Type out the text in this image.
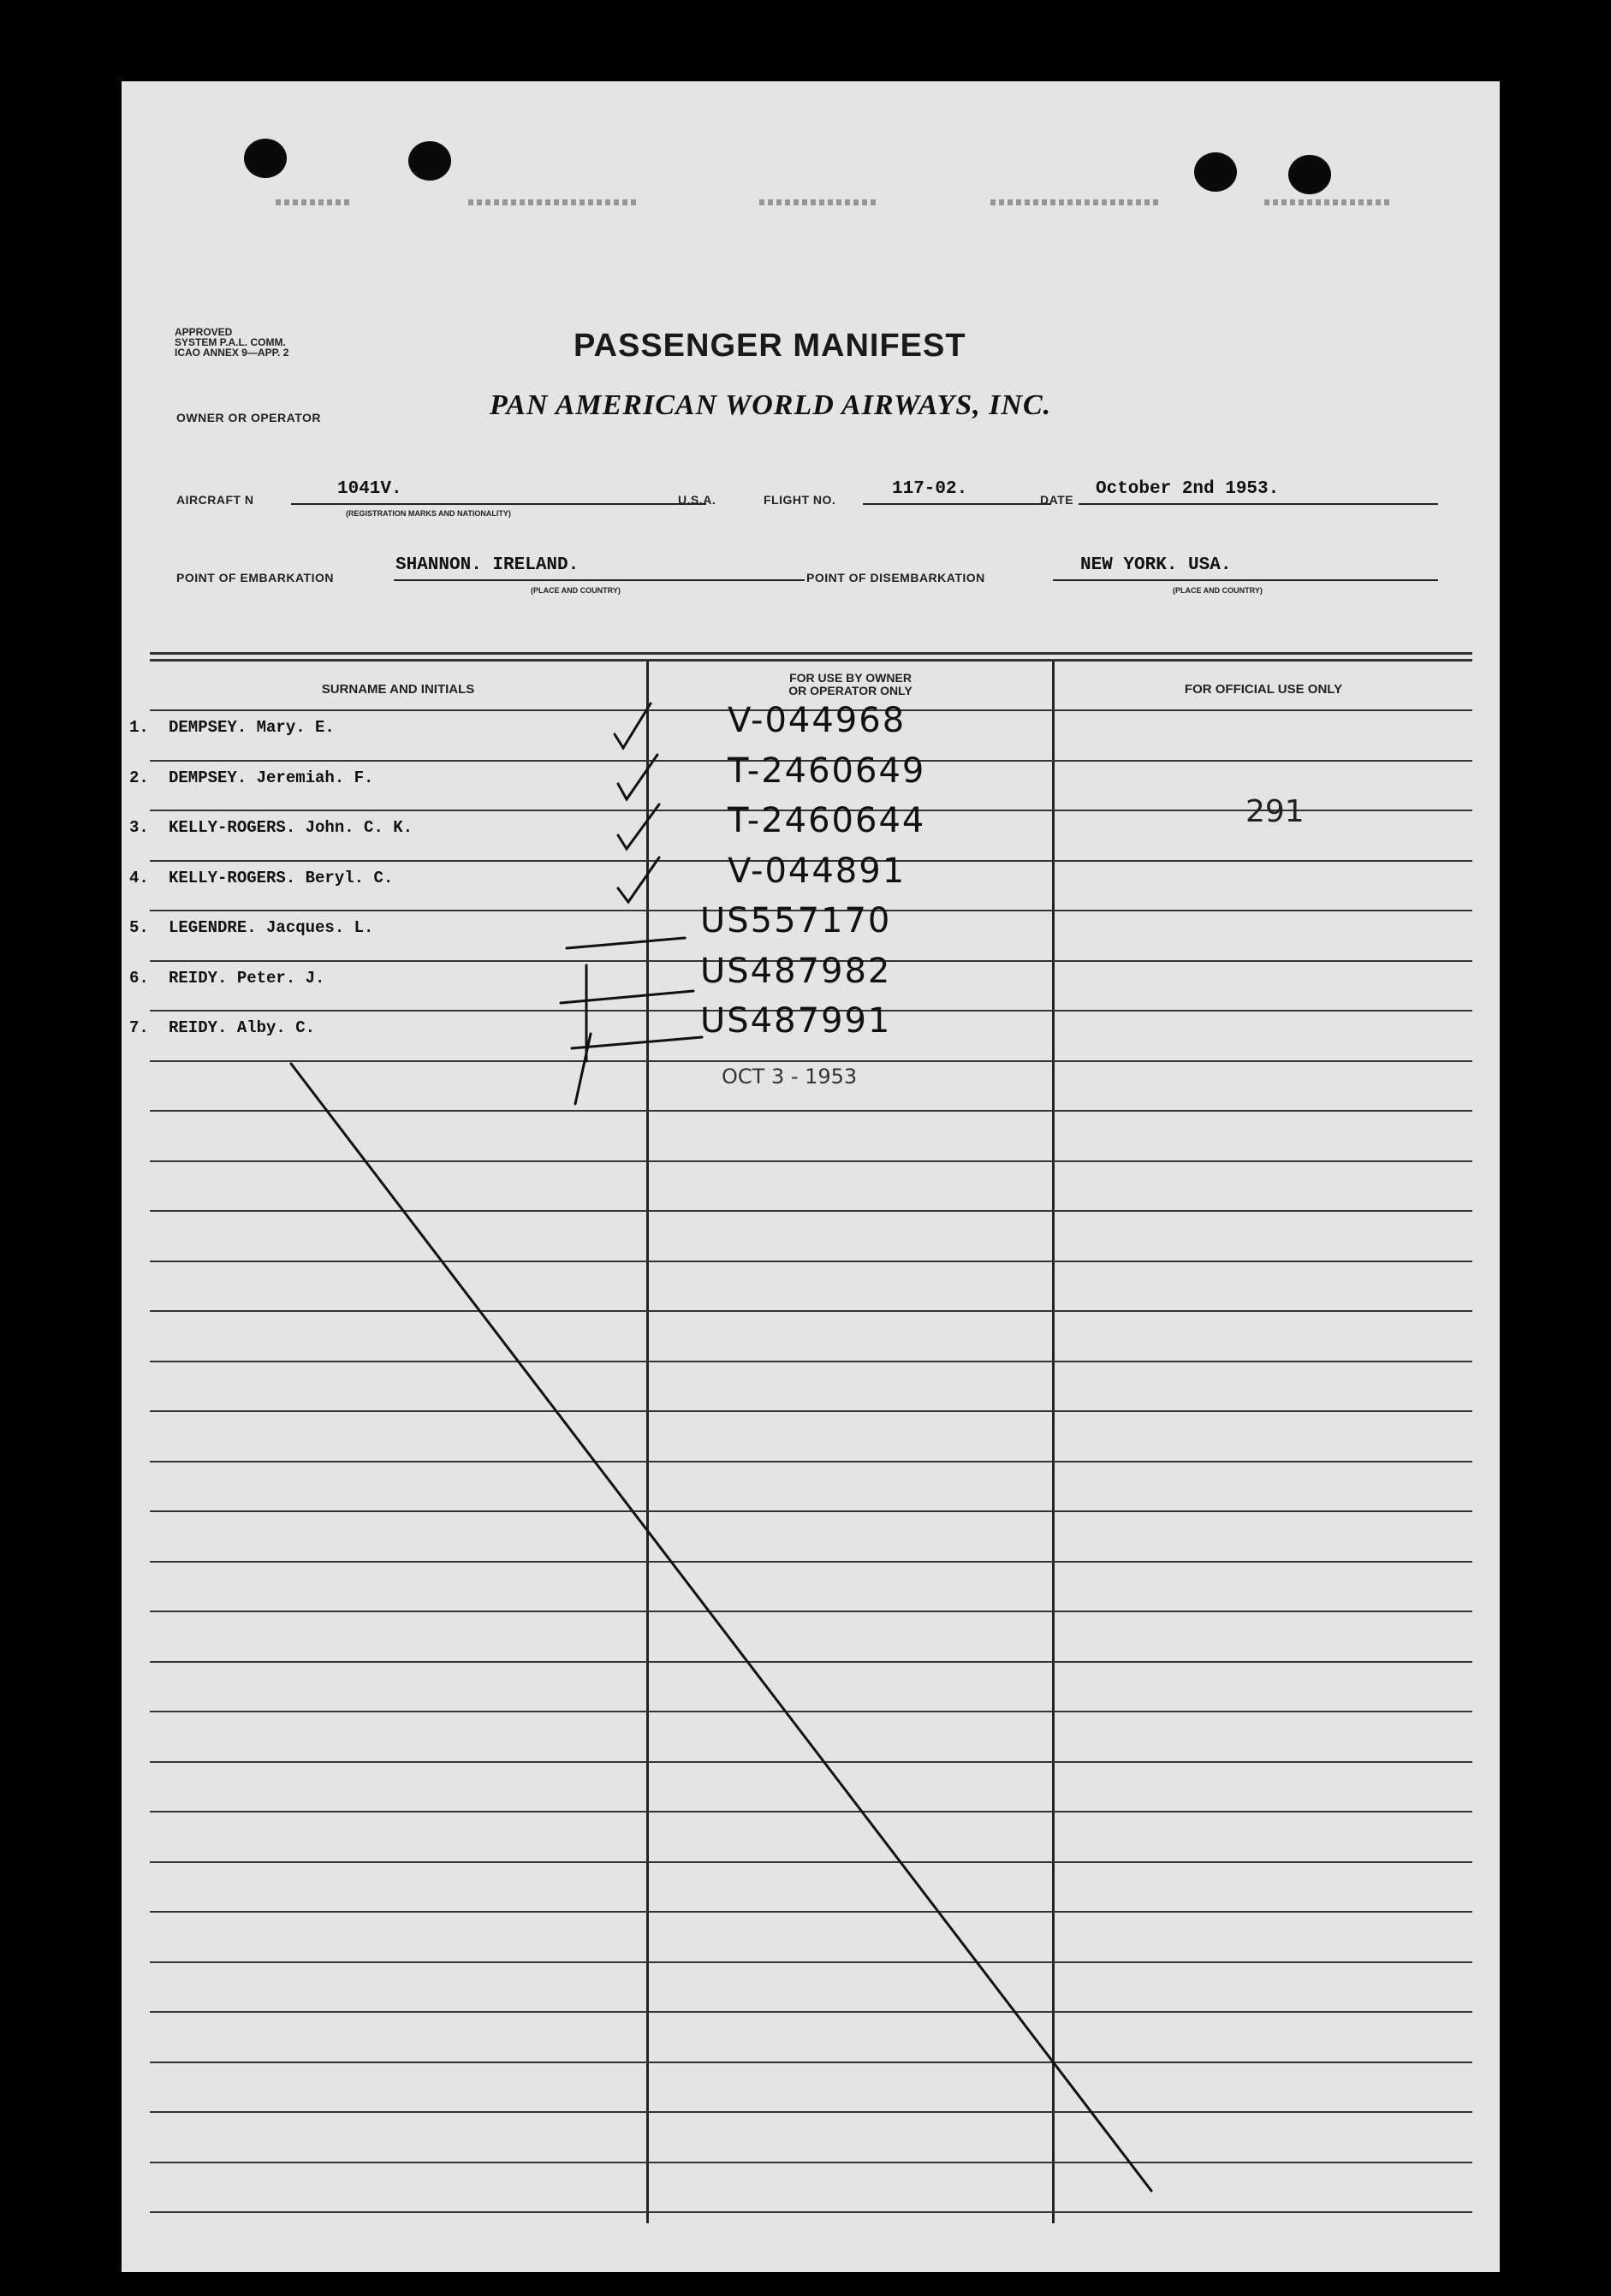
APPROVED
SYSTEM P.A.L. COMM.
ICAO ANNEX 9—APP. 2	PASSENGER MANIFEST
OWNER OR OPERATOR	PAN AMERICAN WORLD AIRWAYS, INC.
AIRCRAFT N
1041V.
(REGISTRATION MARKS AND NATIONALITY)
U.S.A.	FLIGHT NO.
117-02.
DATE
October 2nd 1953.
POINT OF EMBARKATION
SHANNON. IRELAND.
(PLACE AND COUNTRY)
POINT OF DISEMBARKATION
NEW YORK. USA.
(PLACE AND COUNTRY)
SURNAME AND INITIALS
FOR USE BY OWNER
OR OPERATOR ONLY	FOR OFFICIAL USE ONLY
1. DEMPSEY. Mary. E.	V-044968
2. DEMPSEY. Jeremiah. F.	T-2460649
3. KELLY-ROGERS. John. C. K.	T-2460644
4. KELLY-ROGERS. Beryl. C.	V-044891
5. LEGENDRE. Jacques. L.	US557170
6. REIDY. Peter. J.	US487982
7. REIDY. Alby. C.	US487991
291
OCT 3 - 1953
